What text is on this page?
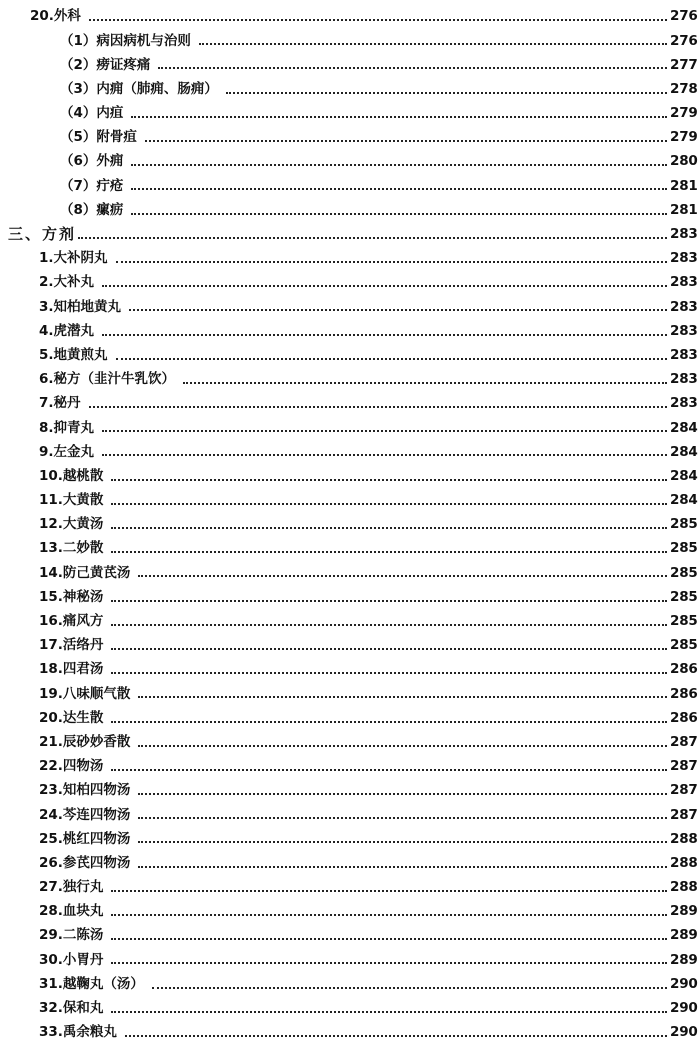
20.外科	276
（1）病因病机与治则	276
（2）痨证疼痛	277
（3）内痈（肺痈、肠痈）	278
（4）内疽	279
（5）附骨疽	279
（6）外痈	280
（7）疔疮	281
（8）瘰疬	281
三、方剂	283
1.大补阴丸	283
2.大补丸	283
3.知柏地黄丸	283
4.虎潜丸	283
5.地黄煎丸	283
6.秘方（韭汁牛乳饮）	283
7.秘丹	283
8.抑青丸	284
9.左金丸	284
10.越桃散	284
11.大黄散	284
12.大黄汤	285
13.二妙散	285
14.防己黄芪汤	285
15.神秘汤	285
16.痛风方	285
17.活络丹	285
18.四君汤	286
19.八味顺气散	286
20.达生散	286
21.辰砂妙香散	287
22.四物汤	287
23.知柏四物汤	287
24.芩连四物汤	287
25.桃红四物汤	288
26.参芪四物汤	288
27.独行丸	288
28.血块丸	289
29.二陈汤	289
30.小胃丹	289
31.越鞠丸（汤）	290
32.保和丸	290
33.禹余粮丸	290
